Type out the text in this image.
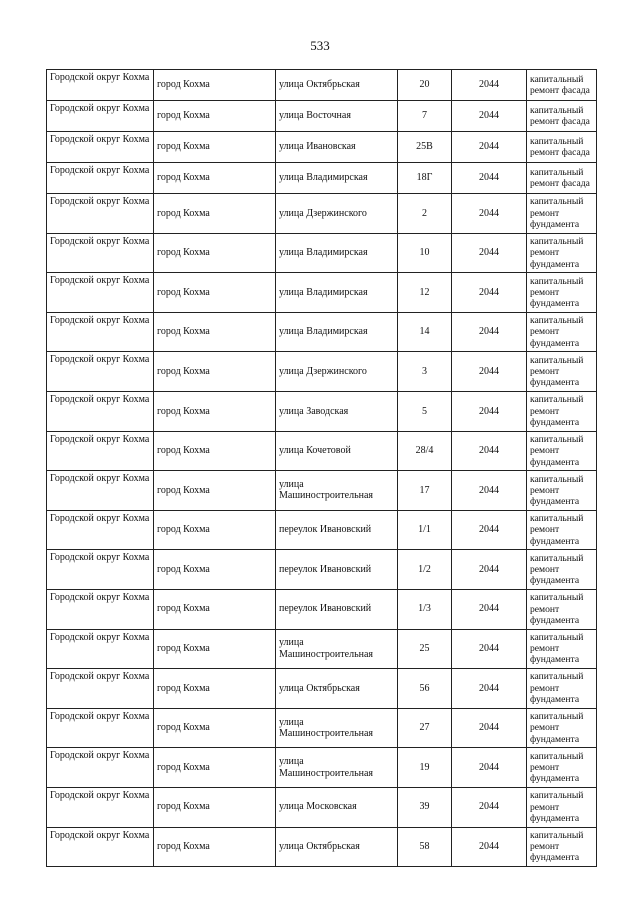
533
Городской округ Кохма	город Кохма	улица Октябрьская	20	2044	капитальный ремонт фасада
Городской округ Кохма	город Кохма	улица Восточная	7	2044	капитальный ремонт фасада
Городской округ Кохма	город Кохма	улица Ивановская	25В	2044	капитальный ремонт фасада
Городской округ Кохма	город Кохма	улица Владимирская	18Г	2044	капитальный ремонт фасада
Городской округ Кохма	город Кохма	улица Дзержинского	2	2044	капитальный ремонт фундамента
Городской округ Кохма	город Кохма	улица Владимирская	10	2044	капитальный ремонт фундамента
Городской округ Кохма	город Кохма	улица Владимирская	12	2044	капитальный ремонт фундамента
Городской округ Кохма	город Кохма	улица Владимирская	14	2044	капитальный ремонт фундамента
Городской округ Кохма	город Кохма	улица Дзержинского	3	2044	капитальный ремонт фундамента
Городской округ Кохма	город Кохма	улица Заводская	5	2044	капитальный ремонт фундамента
Городской округ Кохма	город Кохма	улица Кочетовой	28/4	2044	капитальный ремонт фундамента
Городской округ Кохма	город Кохма	улица Машиностроительная	17	2044	капитальный ремонт фундамента
Городской округ Кохма	город Кохма	переулок Ивановский	1/1	2044	капитальный ремонт фундамента
Городской округ Кохма	город Кохма	переулок Ивановский	1/2	2044	капитальный ремонт фундамента
Городской округ Кохма	город Кохма	переулок Ивановский	1/3	2044	капитальный ремонт фундамента
Городской округ Кохма	город Кохма	улица Машиностроительная	25	2044	капитальный ремонт фундамента
Городской округ Кохма	город Кохма	улица Октябрьская	56	2044	капитальный ремонт фундамента
Городской округ Кохма	город Кохма	улица Машиностроительная	27	2044	капитальный ремонт фундамента
Городской округ Кохма	город Кохма	улица Машиностроительная	19	2044	капитальный ремонт фундамента
Городской округ Кохма	город Кохма	улица Московская	39	2044	капитальный ремонт фундамента
Городской округ Кохма	город Кохма	улица Октябрьская	58	2044	капитальный ремонт фундамента
